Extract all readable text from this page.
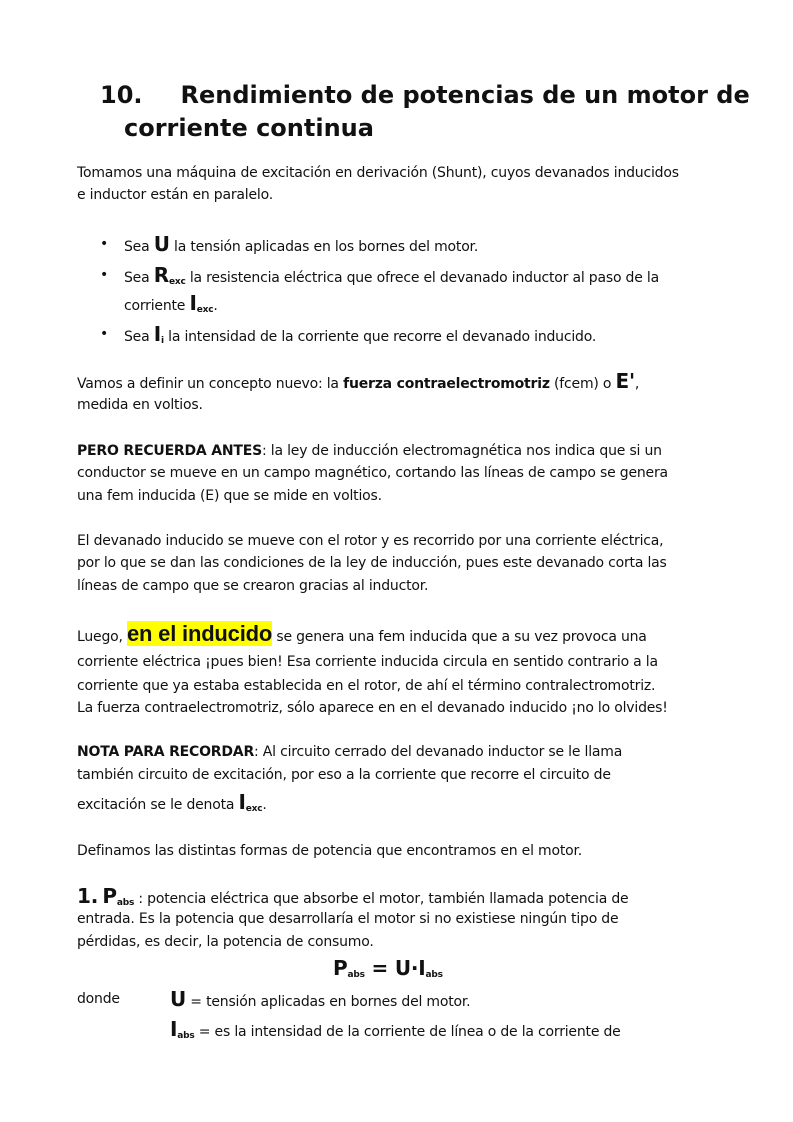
10. Rendimiento de potencias de un motor de
corriente continua
Tomamos una máquina de excitación en derivación (Shunt), cuyos devanados inducidos
e inductor están en paralelo.
• Sea U la tensión aplicadas en los bornes del motor.
• Sea $R_{exc}$ la resistencia eléctrica que ofrece el devanado inductor al paso de la
corriente $I_{exc}$.
• Sea $I_i$ la intensidad de la corriente que recorre el devanado inducido.
Vamos a definir un concepto nuevo: la fuerza contraelectromotriz (fcem) o E',
medida en voltios.
PERO RECUERDA ANTES: la ley de inducción electromagnética nos indica que si un
conductor se mueve en un campo magnético, cortando las líneas de campo se genera
una fem inducida (E) que se mide en voltios.
El devanado inducido se mueve con el rotor y es recorrido por una corriente eléctrica,
por lo que se dan las condiciones de la ley de inducción, pues este devanado corta las
líneas de campo que se crearon gracias al inductor.
Luego, en el inducido se genera una fem inducida que a su vez provoca una
corriente eléctrica ¡pues bien! Esa corriente inducida circula en sentido contrario a la
corriente que ya estaba establecida en el rotor, de ahí el término contralectromotriz.
La fuerza contraelectromotriz, sólo aparece en en el devanado inducido ¡no lo olvides!
NOTA PARA RECORDAR: Al circuito cerrado del devanado inductor se le llama
también circuito de excitación, por eso a la corriente que recorre el circuito de
excitación se le denota $I_{exc}$.
Definamos las distintas formas de potencia que encontramos en el motor.
1. $P_{abs}$ : potencia eléctrica que absorbe el motor, también llamada potencia de
entrada. Es la potencia que desarrollaría el motor si no existiese ningún tipo de
pérdidas, es decir, la potencia de consumo.
$P_{abs} = U\cdot I_{abs}$
donde	U = tensión aplicadas en bornes del motor.
$I_{abs}$ = es la intensidad de la corriente de línea o de la corriente de
